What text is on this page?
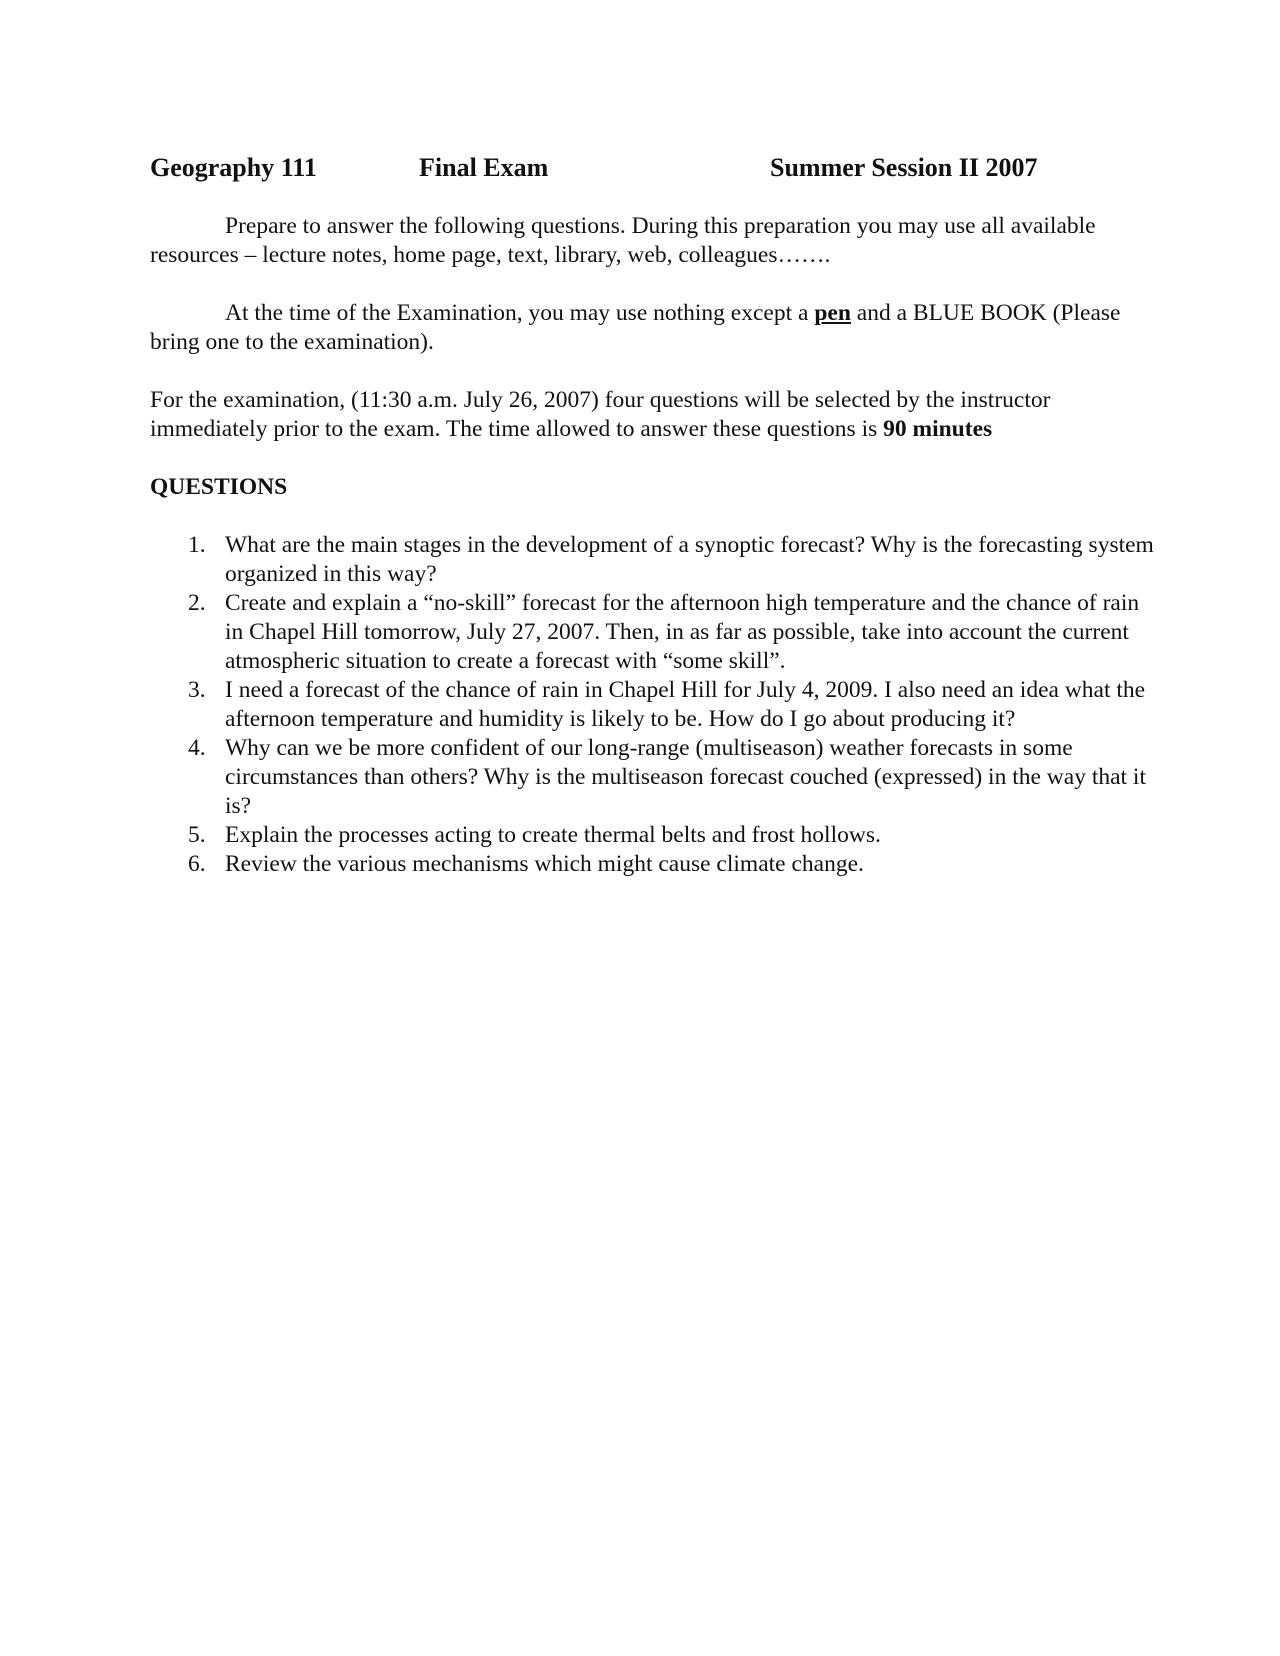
Geography 111	Final Exam	Summer Session II 2007

Prepare to answer the following questions. During this preparation you may use all available resources – lecture notes, home page, text, library, web, colleagues…….

At the time of the Examination, you may use nothing except a pen and a BLUE BOOK (Please bring one to the examination).

For the examination, (11:30 a.m. July 26, 2007) four questions will be selected by the instructor immediately prior to the exam. The time allowed to answer these questions is 90 minutes

QUESTIONS

1. What are the main stages in the development of a synoptic forecast? Why is the forecasting system organized in this way?
2. Create and explain a “no-skill” forecast for the afternoon high temperature and the chance of rain in Chapel Hill tomorrow, July 27, 2007. Then, in as far as possible, take into account the current atmospheric situation to create a forecast with “some skill”.
3. I need a forecast of the chance of rain in Chapel Hill for July 4, 2009. I also need an idea what the afternoon temperature and humidity is likely to be. How do I go about producing it?
4. Why can we be more confident of our long-range (multiseason) weather forecasts in some circumstances than others? Why is the multiseason forecast couched (expressed) in the way that it is?
5. Explain the processes acting to create thermal belts and frost hollows.
6. Review the various mechanisms which might cause climate change.
